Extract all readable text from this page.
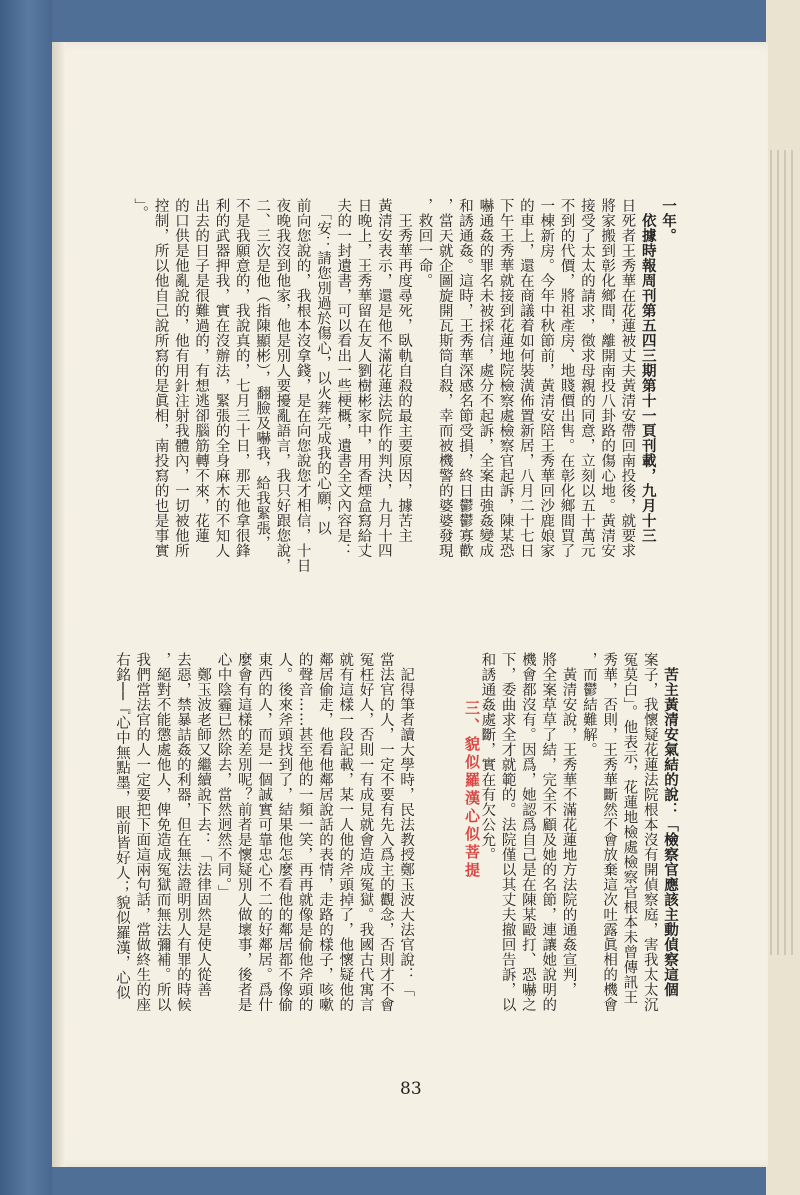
一年。
　依據時報周刊第五四三期第十一頁刊載，九月十三
日死者王秀華在花蓮被丈夫黃清安帶回南投後，就要求
將家搬到彰化鄉間，離開南投八卦路的傷心地。黃清安
接受了太太的請求，徵求母親的同意，立刻以五十萬元
不到的代價，將祖產房、地賤價出售。在彰化鄉間買了
一棟新房。今年中秋節前，黃清安陪王秀華回沙鹿娘家
的車上，還在商議着如何裝潢佈置新居，八月二十七日
下午王秀華就接到花蓮地院檢察處檢察官起訴，陳某恐
嚇通姦的罪名未被採信，處分不起訴，全案由強姦變成
和誘通姦。這時，王秀華深感名節受損，終日鬱鬱寡歡
，當天就企圖旋開瓦斯筒自殺，幸而被機警的婆婆發現
，救回一命。
　王秀華再度尋死，臥軌自殺的最主要原因，據苦主
黃清安表示，還是他不滿花蓮法院作的判決，九月十四
日晚上，王秀華留在友人劉樹彬家中，用香煙盒寫給丈
夫的一封遺書，可以看出一些梗概，遺書全文內容是：
　「安：請您別過於傷心，以火葬完成我的心願，以
前向您說的，我根本沒拿錢，是在向您說您才相信，十日
夜晚我沒到他家，他是別人要擾亂語言，我只好跟您說，
二、三次是他（指陳顯彬），翻臉及嚇我，給我緊張，
不是我願意的，我說真的，七月三十日，那天他拿很鋒
利的武器押我，實在沒辦法，緊張的全身麻木的不知人
出去的日子是很難過的，有想逃卻腦筋轉不來，花蓮
的口供是他亂說的，他有用針注射我體內，一切被他所
控制，所以他自己說所寫的是眞相，南投寫的也是事實
」。
　苦主黃清安氣結的說：「檢察官應該主動偵察這個
案子，我懷疑花蓮法院根本沒有開偵察庭，害我太太沉
冤莫白」。他表示，花蓮地檢處檢察官根本未曾傳訊王
秀華，否則，王秀華斷然不會放棄這次吐露眞相的機會
，而鬱結難解。
　黃清安說，王秀華不滿花蓮地方法院的通姦宣判，
將全案草草了結，完全不顧及她的名節，連讓她說明的
機會都沒有。因爲，她認爲自己是在陳某毆打、恐嚇之
下，委曲求全才就範的。法院僅以其丈夫撤回告訴，以
和誘通姦處斷，實在有欠公允。

　記得筆者讀大學時，民法教授鄭玉波大法官說：「
當法官的人，一定不要有先入爲主的觀念，否則才不會
冤枉好人，否則一有成見就會造成冤獄。我國古代寓言
就有這樣一段記載，某一人他的斧頭掉了，他懷疑他的
鄰居偷走，他看他鄰居說話的表情，走路的樣子，咳嗽
的聲音……甚至他的一頻一笑，再再就像是偷他斧頭的
人。後來斧頭找到了，結果他怎麼看他的鄰居都不像偷
東西的人，而是一個誠實可靠忠心不二的好鄰居。爲什
麼會有這樣的差別呢？前者是懷疑別人做壞事，後者是
心中陰霾已然除去，當然迥然不同。」
　鄭玉波老師又繼續說下去：「法律固然是使人從善
去惡，禁暴詰姦的利器，但在無法證明別人有罪的時候
，絕對不能懲處他人，俾免造成冤獄而無法彌補。所以
我們當法官的人一定要把下面這兩句話，當做終生的座
右銘──『心中無點墨，眼前皆好人；貌似羅漢，心似	三、貌似羅漢心似菩提
83
